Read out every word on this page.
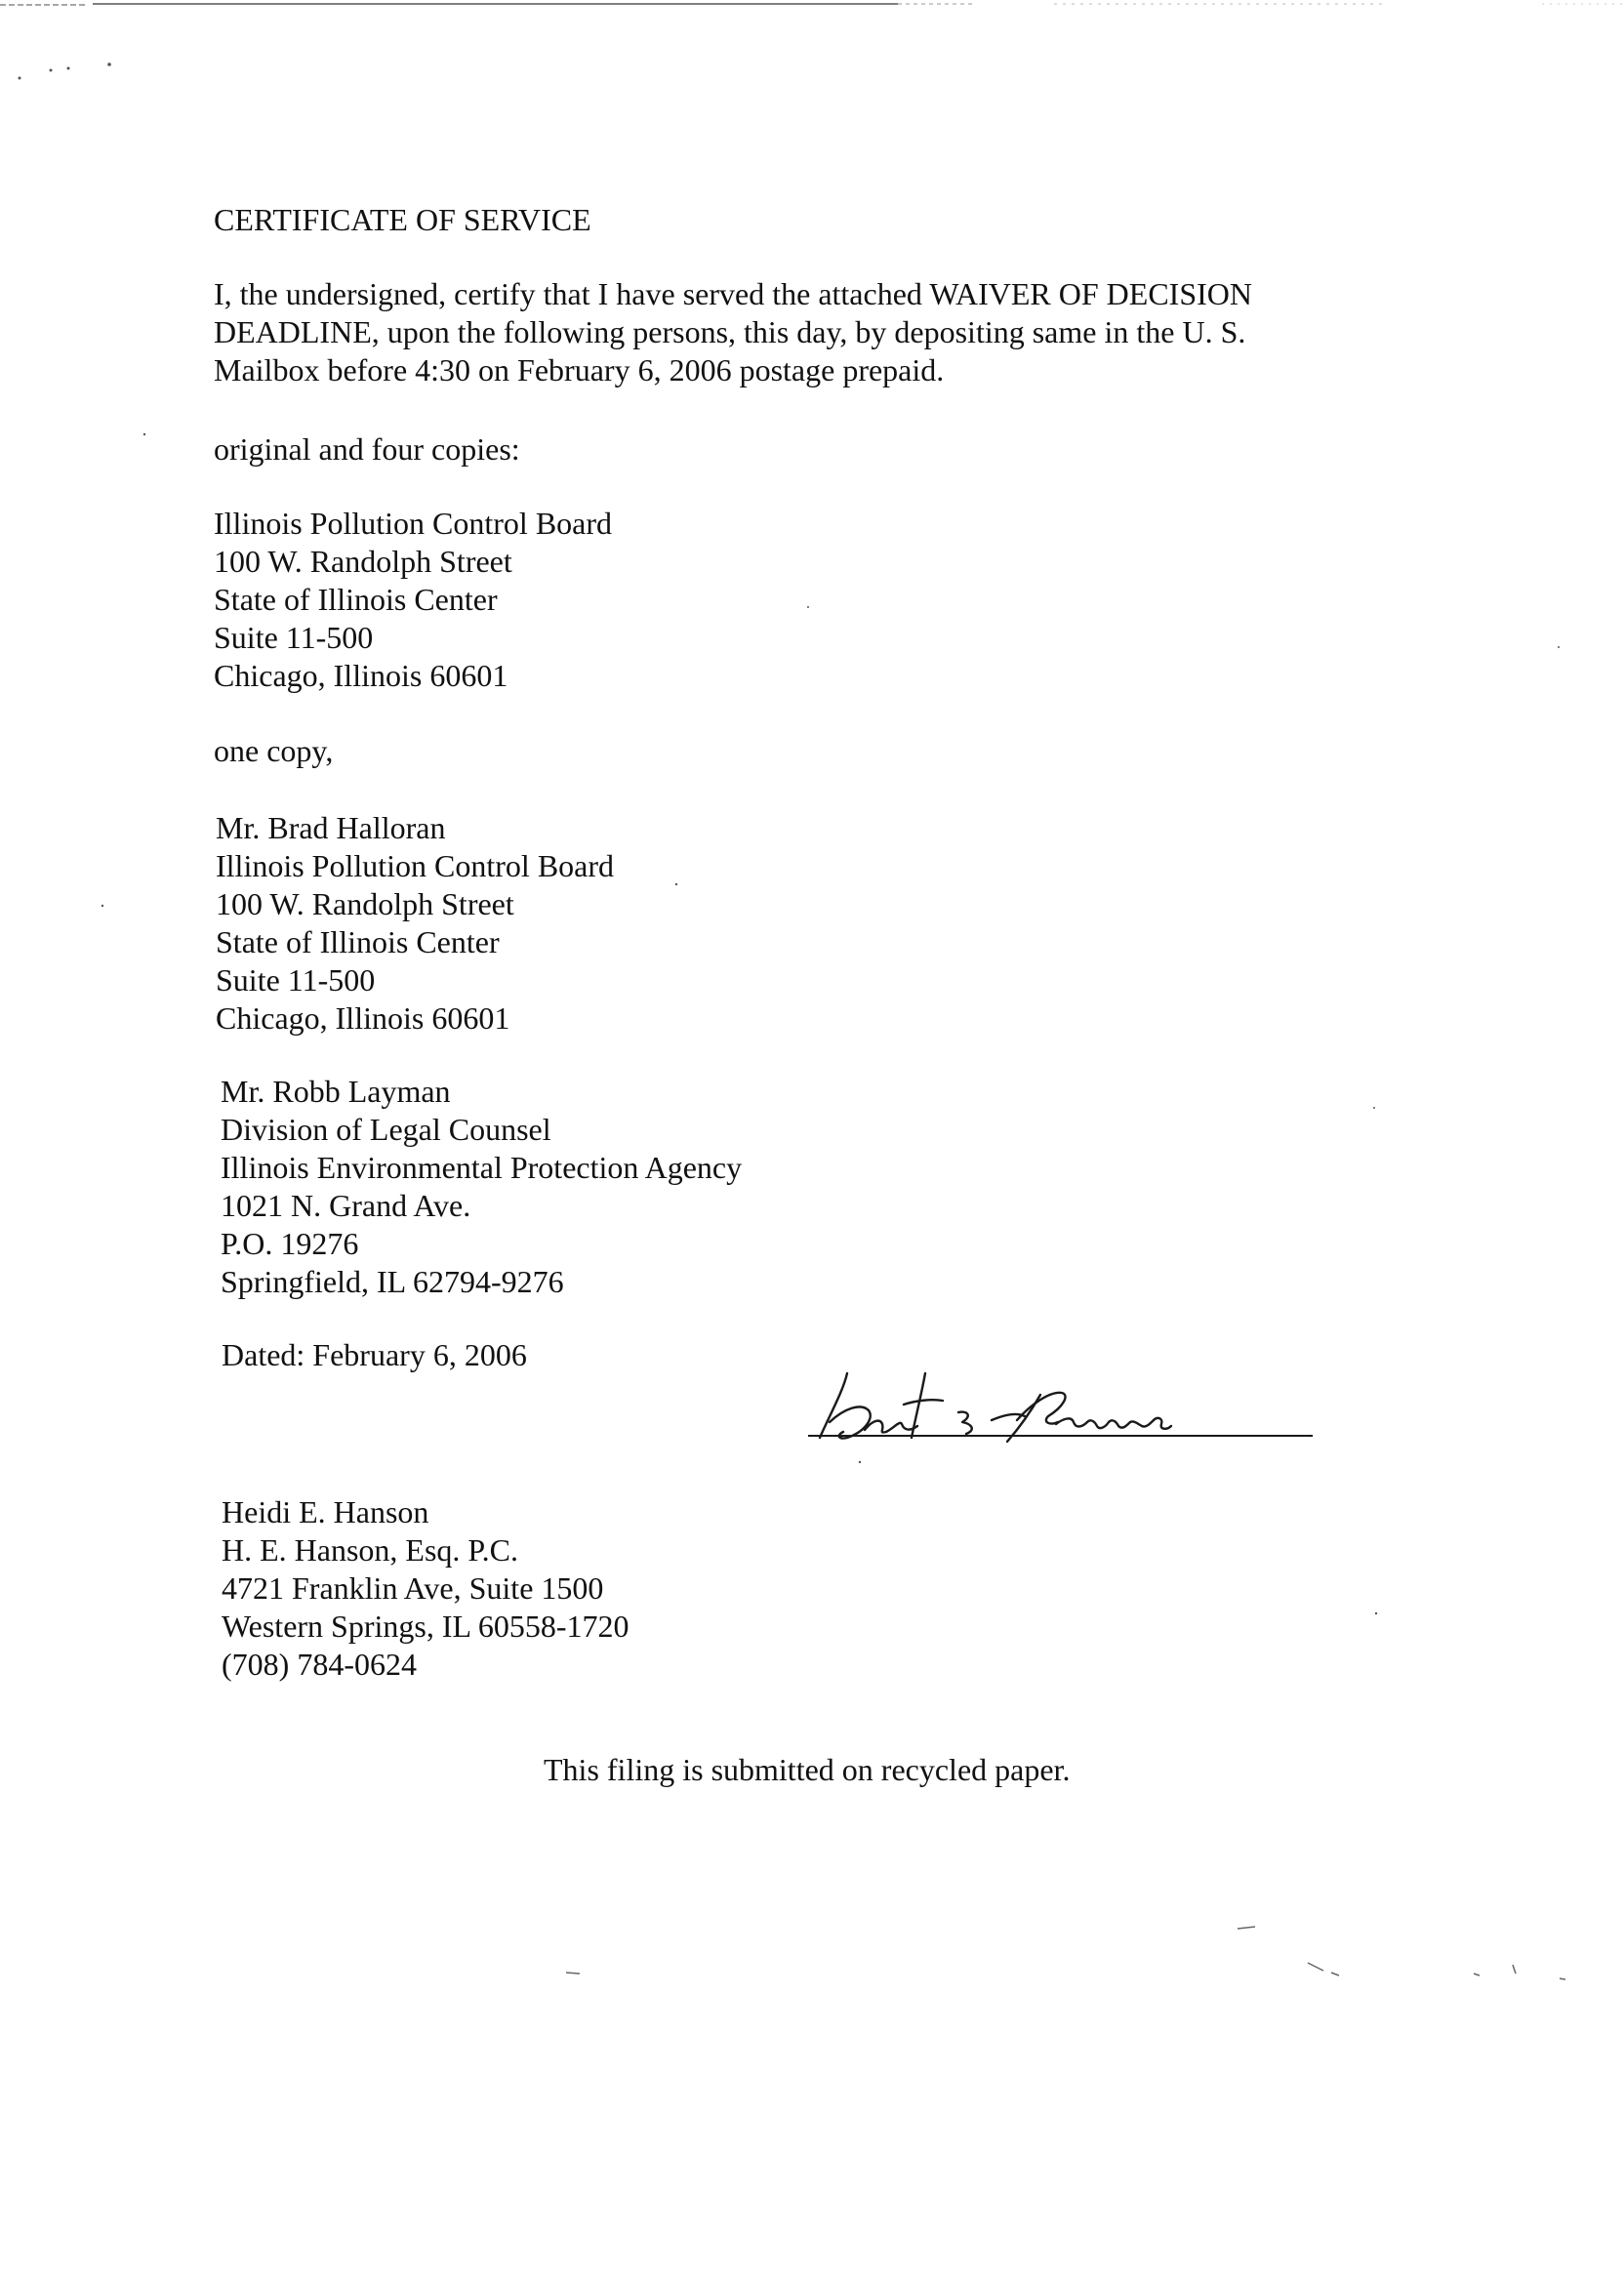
CERTIFICATE OF SERVICE
I, the undersigned, certify that I have served the attached WAIVER OF DECISION
DEADLINE, upon the following persons, this day, by depositing same in the U. S.
Mailbox before 4:30 on February 6, 2006 postage prepaid.
original and four copies:
Illinois Pollution Control Board
100 W. Randolph Street
State of Illinois Center
Suite 11-500
Chicago, Illinois 60601
one copy,
Mr. Brad Halloran
Illinois Pollution Control Board
100 W. Randolph Street
State of Illinois Center
Suite 11-500
Chicago, Illinois 60601
Mr. Robb Layman
Division of Legal Counsel
Illinois Environmental Protection Agency
1021 N. Grand Ave.
P.O. 19276
Springfield, IL 62794-9276
Dated: February 6, 2006
Heidi E. Hanson
H. E. Hanson, Esq. P.C.
4721 Franklin Ave, Suite 1500
Western Springs, IL 60558-1720
(708) 784-0624
This filing is submitted on recycled paper.
